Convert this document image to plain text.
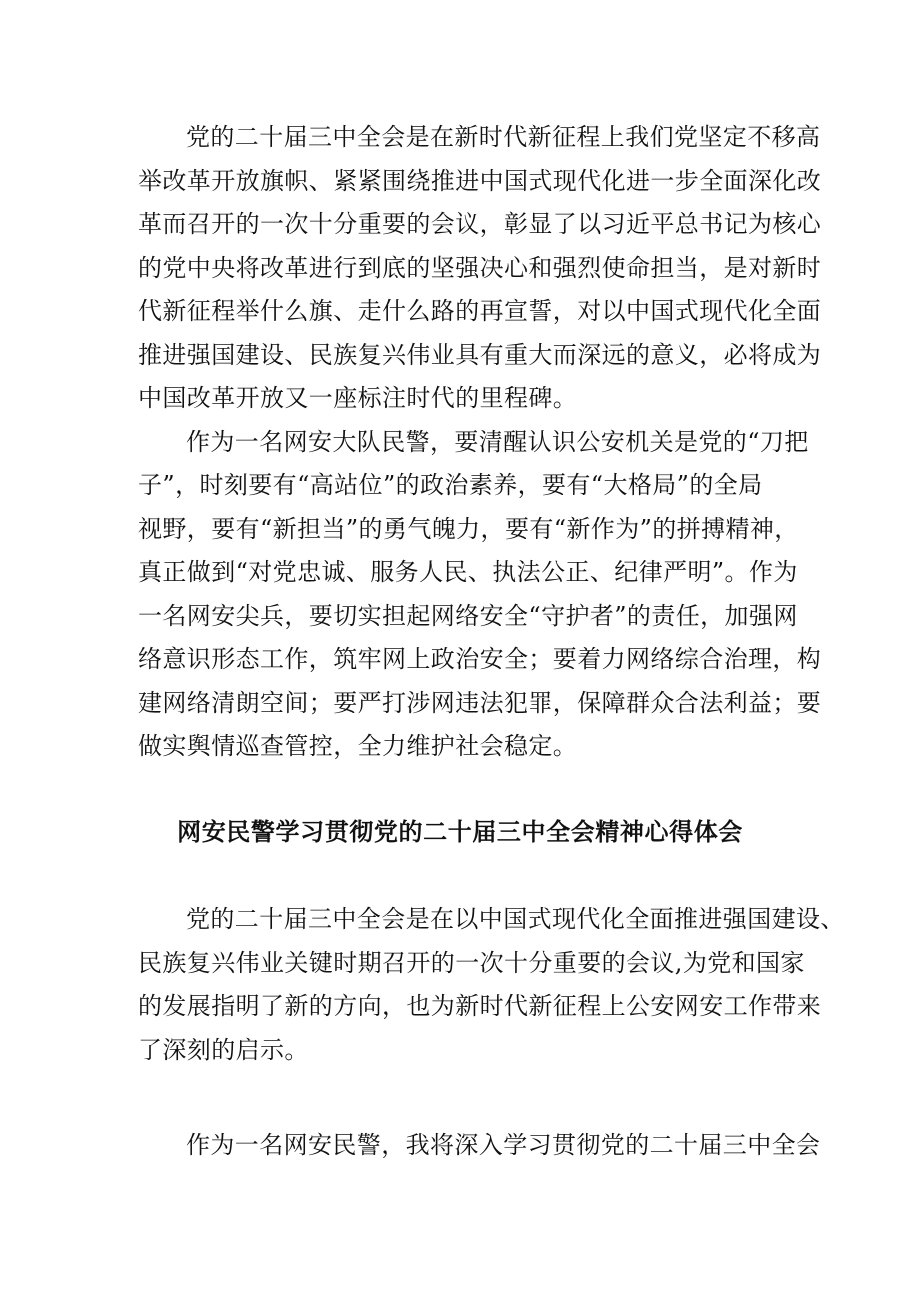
党的二十届三中全会是在新时代新征程上我们党坚定不移高
举改革开放旗帜、紧紧围绕推进中国式现代化进一步全面深化改
革而召开的一次十分重要的会议，彰显了以习近平总书记为核心
的党中央将改革进行到底的坚强决心和强烈使命担当，是对新时
代新征程举什么旗、走什么路的再宣誓，对以中国式现代化全面
推进强国建设、民族复兴伟业具有重大而深远的意义，必将成为
中国改革开放又一座标注时代的里程碑。
作为一名网安大队民警，要清醒认识公安机关是党的“刀把
子”，时刻要有“高站位”的政治素养，要有“大格局”的全局
视野，要有“新担当”的勇气魄力，要有“新作为”的拼搏精神，
真正做到“对党忠诚、服务人民、执法公正、纪律严明”。作为
一名网安尖兵，要切实担起网络安全“守护者”的责任，加强网
络意识形态工作，筑牢网上政治安全；要着力网络综合治理，构
建网络清朗空间；要严打涉网违法犯罪，保障群众合法利益；要
做实舆情巡查管控，全力维护社会稳定。
网安民警学习贯彻党的二十届三中全会精神心得体会
党的二十届三中全会是在以中国式现代化全面推进强国建设、
民族复兴伟业关键时期召开的一次十分重要的会议,为党和国家
的发展指明了新的方向，也为新时代新征程上公安网安工作带来
了深刻的启示。
作为一名网安民警，我将深入学习贯彻党的二十届三中全会
